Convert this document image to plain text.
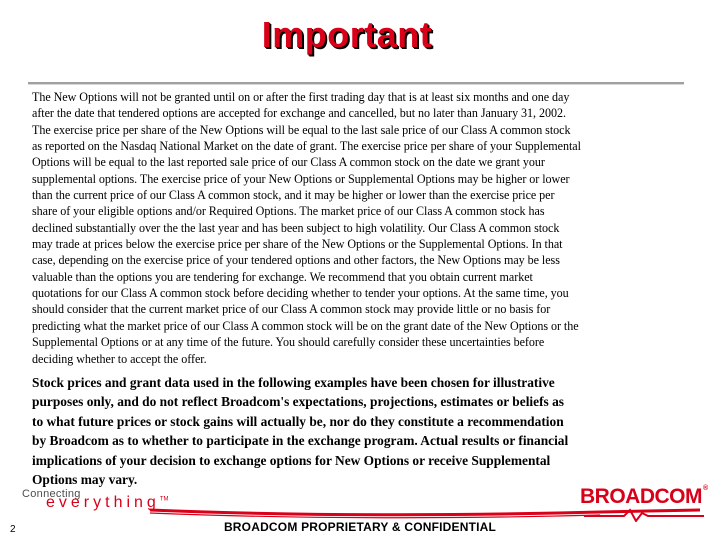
Important
The New Options will not be granted until on or after the first trading day that is at least six months and one day
after the date that tendered options are accepted for exchange and cancelled, but no later than January 31, 2002.
The exercise price per share of the New Options will be equal to the last sale price of our Class A common stock
as reported on the Nasdaq National Market on the date of grant. The exercise price per share of your Supplemental
Options will be equal to the last reported sale price of our Class A common stock on the date we grant your
supplemental options. The exercise price of your New Options or Supplemental Options may be higher or lower
than the current price of our Class A common stock, and it may be higher or lower than the exercise price per
share of your eligible options and/or Required Options. The market price of our Class A common stock has
declined substantially over the the last year and has been subject to high volatility. Our Class A common stock
may trade at prices below the exercise price per share of the New Options or the Supplemental Options. In that
case, depending on the exercise price of your tendered options and other factors, the New Options may be less
valuable than the options you are tendering for exchange. We recommend that you obtain current market
quotations for our Class A common stock before deciding whether to tender your options. At the same time, you
should consider that the current market price of our Class A common stock may provide little or no basis for
predicting what the market price of our Class A common stock will be on the grant date of the New Options or the
Supplemental Options or at any time of the future. You should carefully consider these uncertainties before
deciding whether to accept the offer.
Stock prices and grant data used in the following examples have been chosen for illustrative
purposes only, and do not reflect Broadcom's expectations, projections, estimates or beliefs as
to what future prices or stock gains will actually be, nor do they constitute a recommendation
by Broadcom as to whether to participate in the exchange program. Actual results or financial
implications of your decision to exchange options for New Options or receive Supplemental
Options may vary.
Connecting
everything™	BROADCOM®
2	BROADCOM PROPRIETARY & CONFIDENTIAL
